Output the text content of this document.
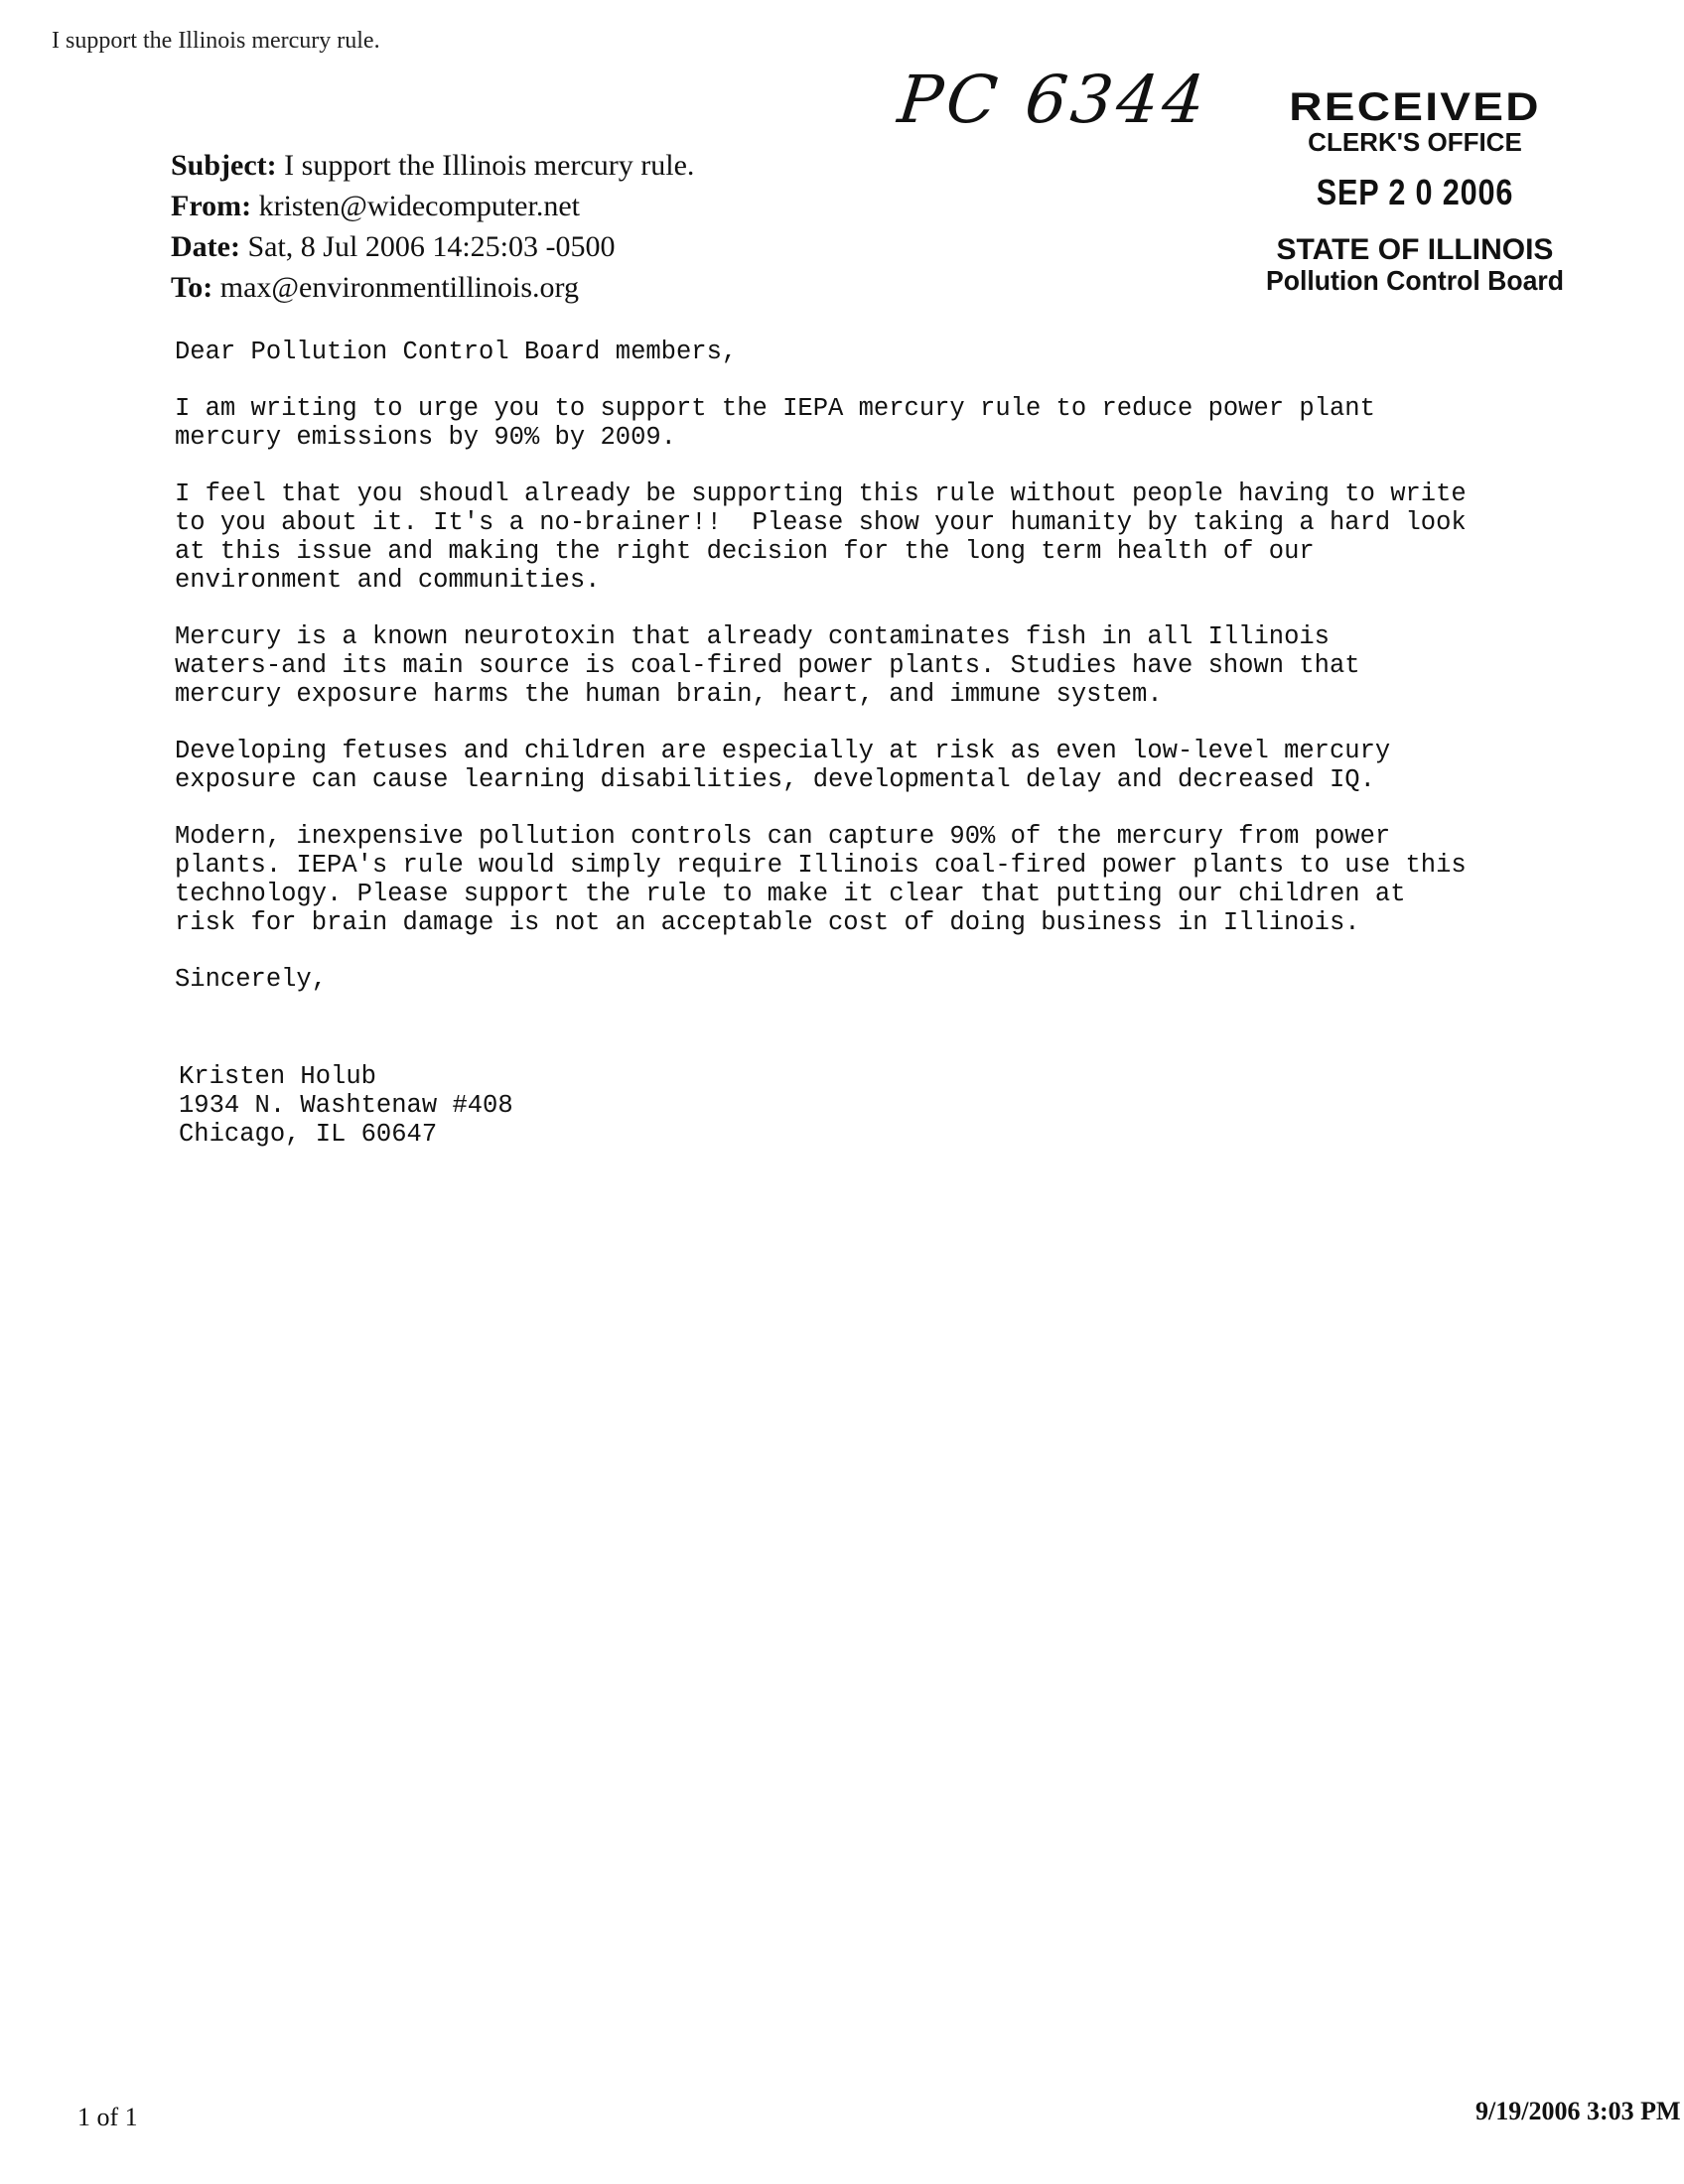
I support the Illinois mercury rule.
PC 6344	RECEIVED
CLERK'S OFFICE
SEP 2 0 2006
STATE OF ILLINOIS
Pollution Control Board
Subject: I support the Illinois mercury rule.
From: kristen@widecomputer.net
Date: Sat, 8 Jul 2006 14:25:03 -0500
To: max@environmentillinois.org

Dear Pollution Control Board members,

I am writing to urge you to support the IEPA mercury rule to reduce power plant
mercury emissions by 90% by 2009.

I feel that you shoudl already be supporting this rule without people having to write
to you about it. It's a no-brainer!!  Please show your humanity by taking a hard look
at this issue and making the right decision for the long term health of our
environment and communities.

Mercury is a known neurotoxin that already contaminates fish in all Illinois
waters-and its main source is coal-fired power plants. Studies have shown that
mercury exposure harms the human brain, heart, and immune system.

Developing fetuses and children are especially at risk as even low-level mercury
exposure can cause learning disabilities, developmental delay and decreased IQ.

Modern, inexpensive pollution controls can capture 90% of the mercury from power
plants. IEPA's rule would simply require Illinois coal-fired power plants to use this
technology. Please support the rule to make it clear that putting our children at
risk for brain damage is not an acceptable cost of doing business in Illinois.

Sincerely,

Kristen Holub
1934 N. Washtenaw #408
Chicago, IL 60647
1 of 1	9/19/2006 3:03 PM
